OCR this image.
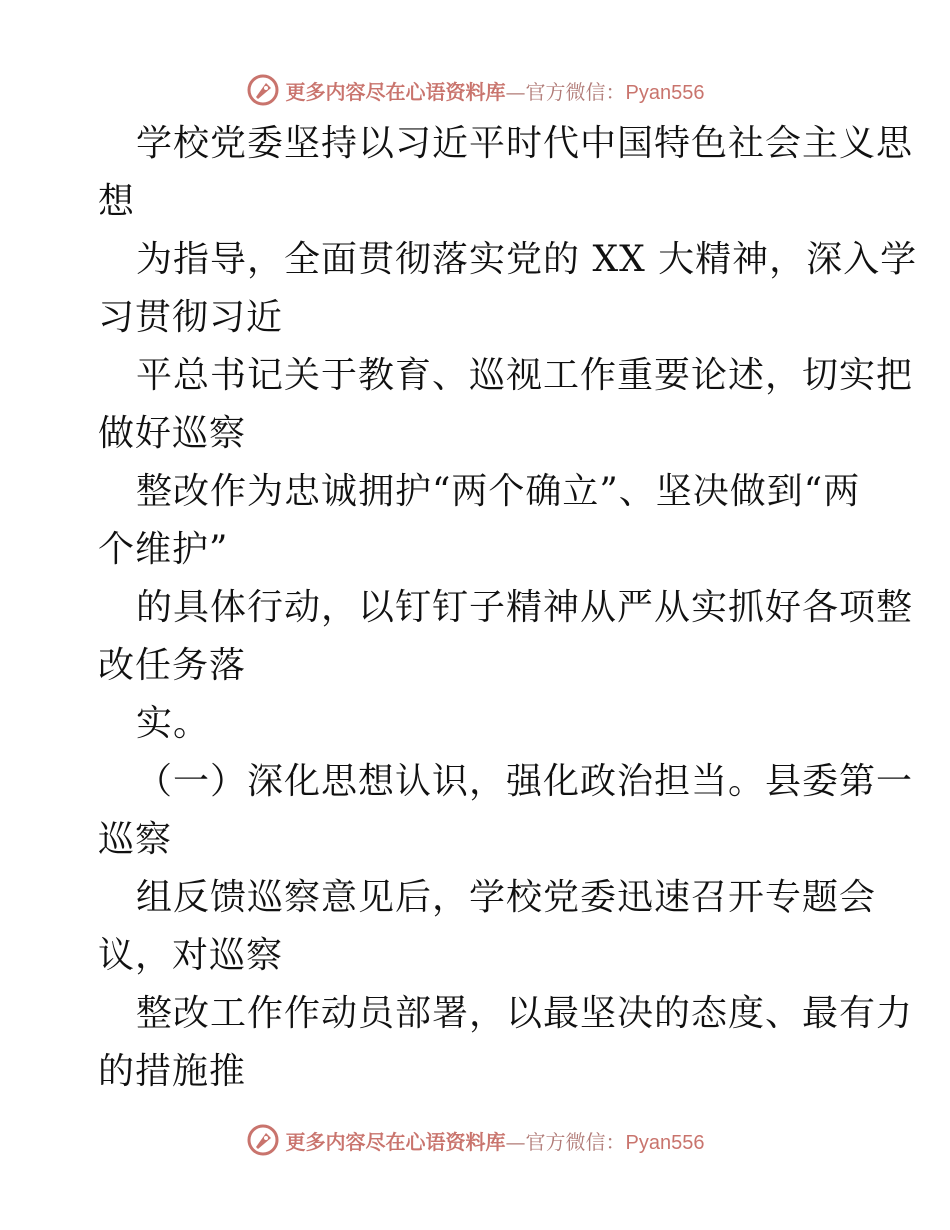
更多内容尽在心语资料库—官方微信：Pyan556
学校党委坚持以习近平时代中国特色社会主义思
想
为指导，全面贯彻落实党的 XX 大精神，深入学
习贯彻习近
平总书记关于教育、巡视工作重要论述，切实把
做好巡察
整改作为忠诚拥护“两个确立”、坚决做到“两
个维护”
的具体行动，以钉钉子精神从严从实抓好各项整
改任务落
实。
（一）深化思想认识，强化政治担当。县委第一
巡察
组反馈巡察意见后，学校党委迅速召开专题会
议，对巡察
整改工作作动员部署，以最坚决的态度、最有力
的措施推
更多内容尽在心语资料库—官方微信：Pyan556
